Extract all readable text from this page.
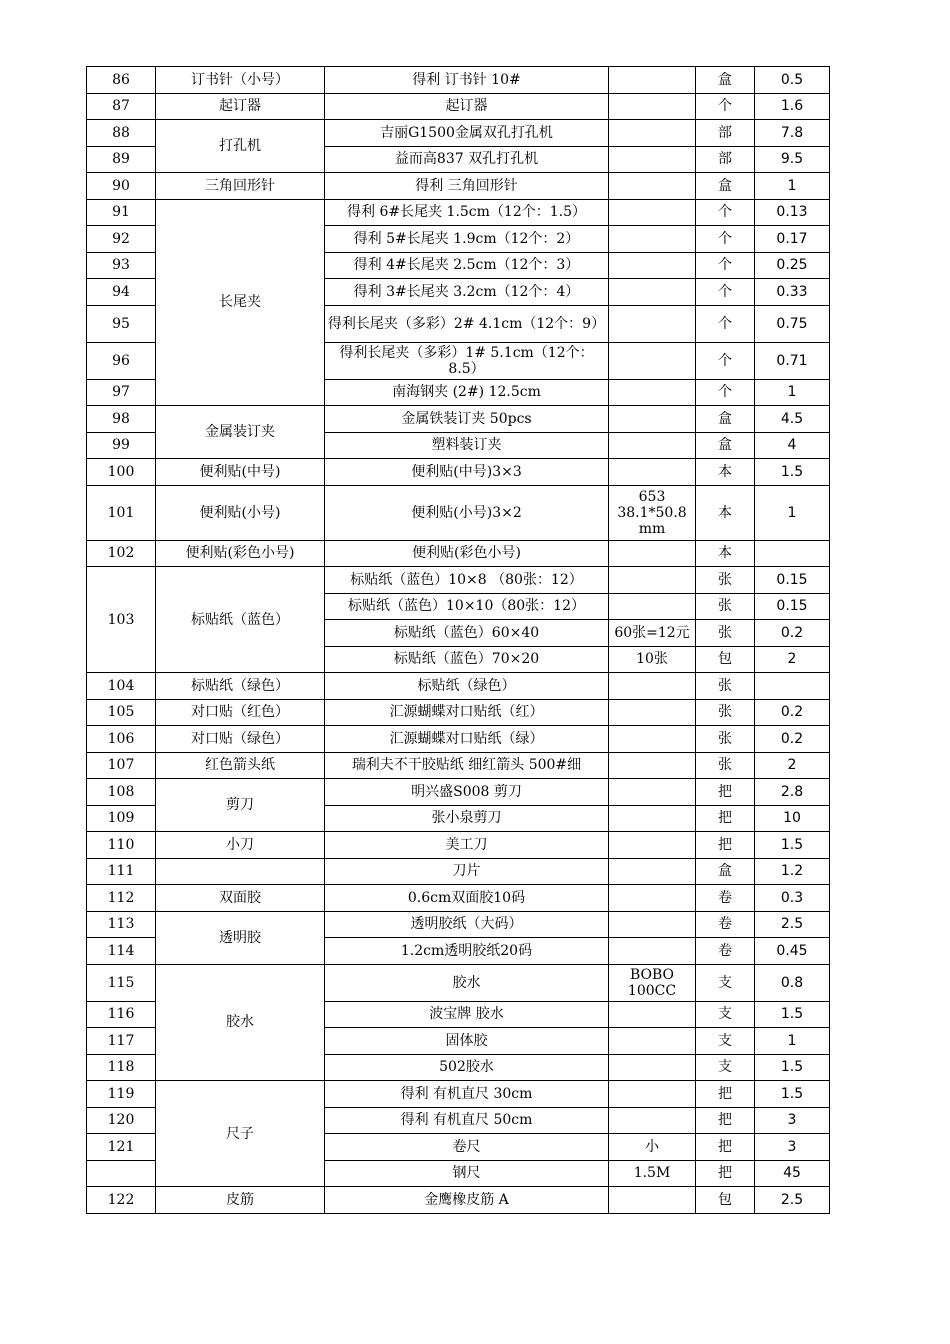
86	订书针（小号）	得利 订书针 10#		盒	0.5
87	起订器	起订器		个	1.6
88	打孔机	吉丽G1500金属双孔打孔机		部	7.8
89		益而高837 双孔打孔机		部	9.5
90	三角回形针	得利 三角回形针		盒	1
91	长尾夹	得利 6#长尾夹 1.5cm（12个：1.5）		个	0.13
92		得利 5#长尾夹 1.9cm（12个：2）		个	0.17
93		得利 4#长尾夹 2.5cm（12个：3）		个	0.25
94		得利 3#长尾夹 3.2cm（12个：4）		个	0.33
95		得利长尾夹（多彩）2# 4.1cm（12个：9）		个	0.75
96		得利长尾夹（多彩）1# 5.1cm（12个：8.5）		个	0.71
97		南海钢夹 (2#) 12.5cm		个	1
98	金属装订夹	金属铁装订夹 50pcs		盒	4.5
99		塑料装订夹		盒	4
100	便利贴(中号)	便利贴(中号)3×3		本	1.5
101	便利贴(小号)	便利贴(小号)3×2	653 38.1*50.8 mm	本	1
102	便利贴(彩色小号)	便利贴(彩色小号)		本	
103	标贴纸（蓝色）	标贴纸（蓝色）10×8 （80张：12）		张	0.15
		标贴纸（蓝色）10×10（80张：12）		张	0.15
		标贴纸（蓝色）60×40	60张=12元	张	0.2
		标贴纸（蓝色）70×20	10张	包	2
104	标贴纸（绿色）	标贴纸（绿色）		张	
105	对口贴（红色）	汇源蝴蝶对口贴纸（红）		张	0.2
106	对口贴（绿色）	汇源蝴蝶对口贴纸（绿）		张	0.2
107	红色箭头纸	瑞利夫不干胶贴纸 细红箭头 500#细		张	2
108	剪刀	明兴盛S008 剪刀		把	2.8
109		张小泉剪刀		把	10
110	小刀	美工刀		把	1.5
111		刀片		盒	1.2
112	双面胶	0.6cm双面胶10码		卷	0.3
113	透明胶	透明胶纸（大码）		卷	2.5
114		1.2cm透明胶纸20码		卷	0.45
115	胶水	胶水	BOBO 100CC	支	0.8
116		波宝牌 胶水		支	1.5
117		固体胶		支	1
118		502胶水		支	1.5
119	尺子	得利 有机直尺 30cm		把	1.5
120		得利 有机直尺 50cm		把	3
121		卷尺	小	把	3
		钢尺	1.5M	把	45
122	皮筋	金鹰橡皮筋 A		包	2.5
